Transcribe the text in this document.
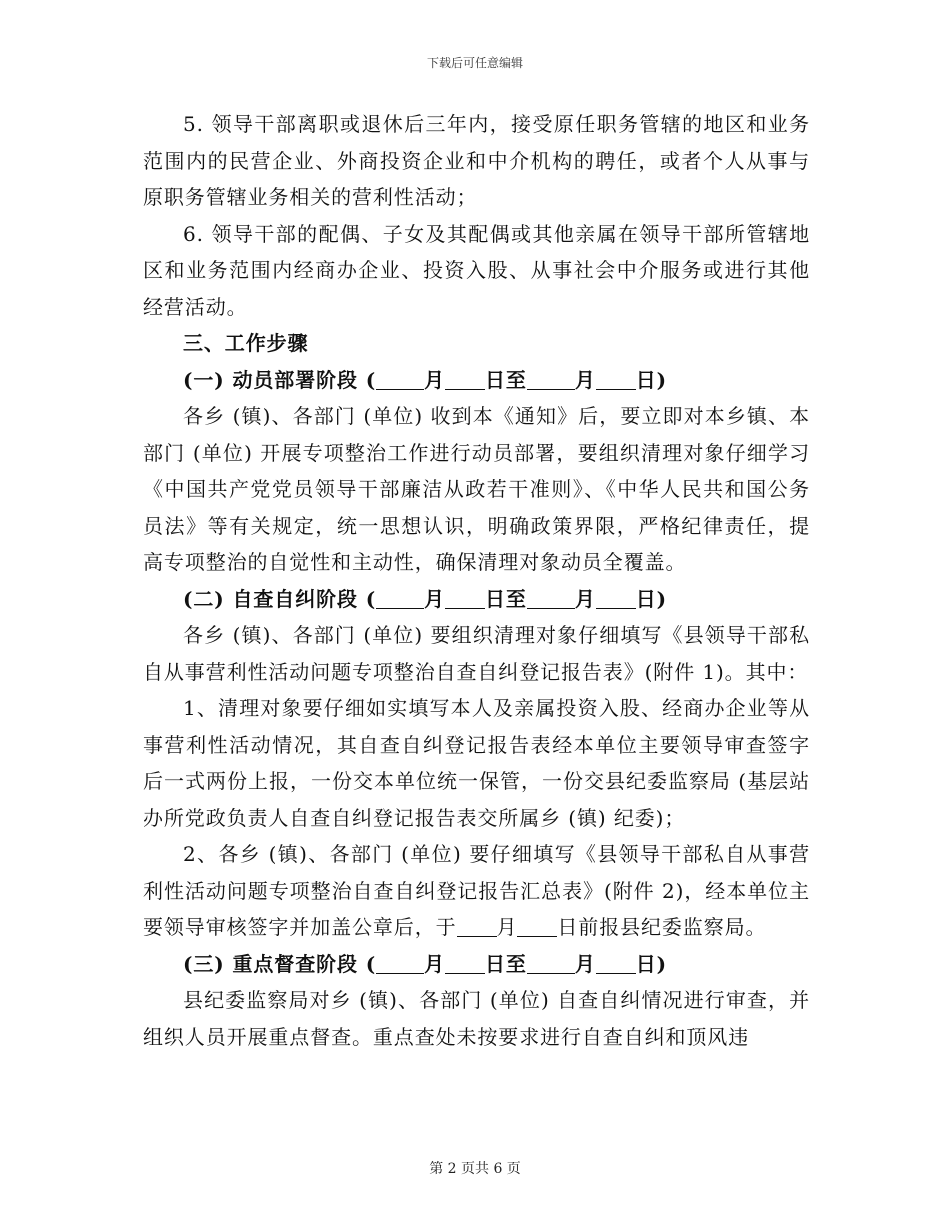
下载后可任意编辑

5. 领导干部离职或退休后三年内，接受原任职务管辖的地区和业务范围内的民营企业、外商投资企业和中介机构的聘任，或者个人从事与原职务管辖业务相关的营利性活动；

6. 领导干部的配偶、子女及其配偶或其他亲属在领导干部所管辖地区和业务范围内经商办企业、投资入股、从事社会中介服务或进行其他经营活动。

三、工作步骤

(一) 动员部署阶段 ( 月 日至 月 日)

各乡 (镇)、各部门 (单位) 收到本《通知》后，要立即对本乡镇、本部门 (单位) 开展专项整治工作进行动员部署，要组织清理对象仔细学习《中国共产党党员领导干部廉洁从政若干准则》、《中华人民共和国公务员法》等有关规定，统一思想认识，明确政策界限，严格纪律责任，提高专项整治的自觉性和主动性，确保清理对象动员全覆盖。

(二) 自查自纠阶段 ( 月 日至 月 日)

各乡 (镇)、各部门 (单位) 要组织清理对象仔细填写《县领导干部私自从事营利性活动问题专项整治自查自纠登记报告表》(附件 1)。其中：

1、清理对象要仔细如实填写本人及亲属投资入股、经商办企业等从事营利性活动情况，其自查自纠登记报告表经本单位主要领导审查签字后一式两份上报，一份交本单位统一保管，一份交县纪委监察局 (基层站办所党政负责人自查自纠登记报告表交所属乡 (镇) 纪委)；

2、各乡 (镇)、各部门 (单位) 要仔细填写《县领导干部私自从事营利性活动问题专项整治自查自纠登记报告汇总表》(附件 2)，经本单位主要领导审核签字并加盖公章后，于 月 日前报县纪委监察局。

(三) 重点督查阶段 ( 月 日至 月 日)

县纪委监察局对乡 (镇)、各部门 (单位) 自查自纠情况进行审查，并组织人员开展重点督查。重点查处未按要求进行自查自纠和顶风违

第 2 页共 6 页
